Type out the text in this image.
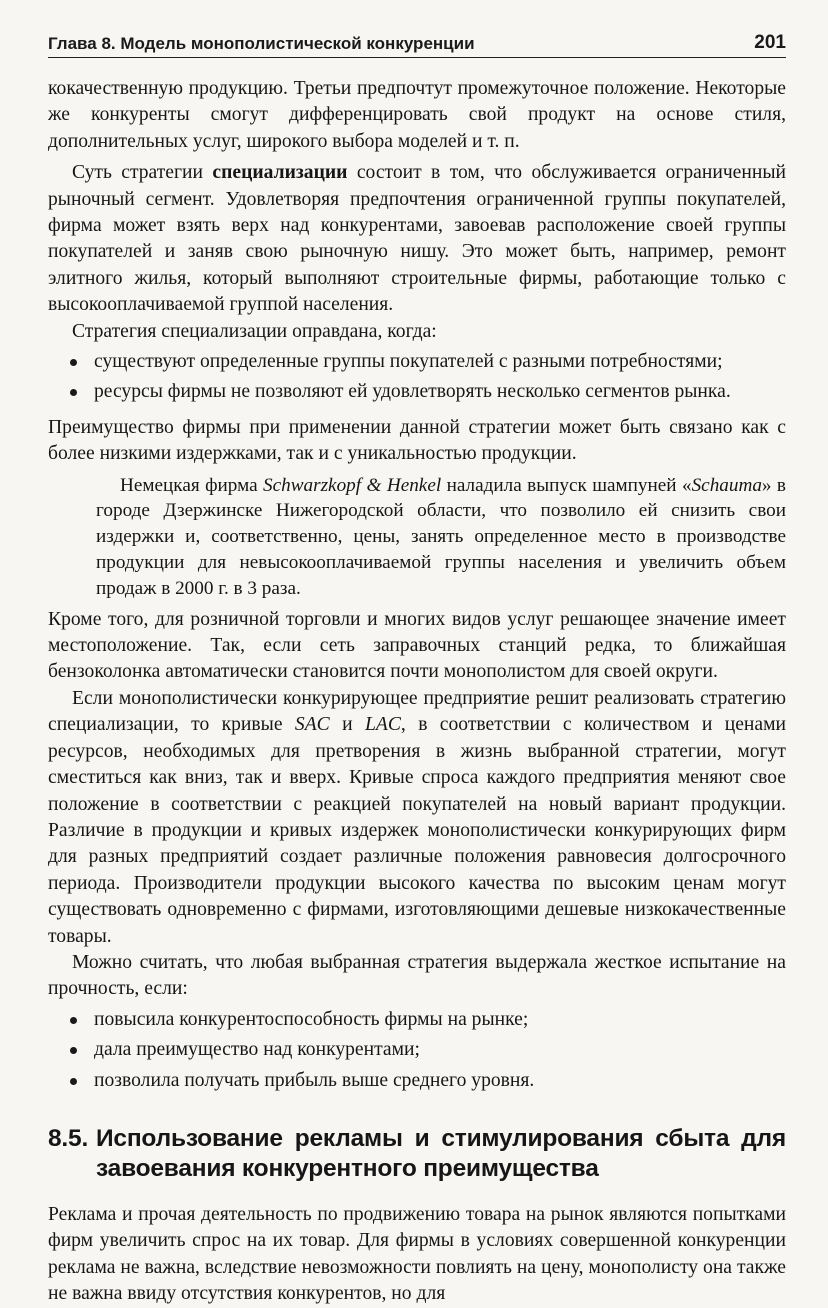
Глава 8. Модель монополистической конкуренции	201

кокачественную продукцию. Третьи предпочтут промежуточное положение. Некоторые же конкуренты смогут дифференцировать свой продукт на основе стиля, дополнительных услуг, широкого выбора моделей и т. п.

Суть стратегии специализации состоит в том, что обслуживается ограниченный рыночный сегмент. Удовлетворяя предпочтения ограниченной группы покупателей, фирма может взять верх над конкурентами, завоевав расположение своей группы покупателей и заняв свою рыночную нишу. Это может быть, например, ремонт элитного жилья, который выполняют строительные фирмы, работающие только с высокооплачиваемой группой населения.

Стратегия специализации оправдана, когда:

существуют определенные группы покупателей с разными потребностями;
ресурсы фирмы не позволяют ей удовлетворять несколько сегментов рынка.

Преимущество фирмы при применении данной стратегии может быть связано как с более низкими издержками, так и с уникальностью продукции.

Немецкая фирма Schwarzkopf & Henkel наладила выпуск шампуней «Schauma» в городе Дзержинске Нижегородской области, что позволило ей снизить свои издержки и, соответственно, цены, занять определенное место в производстве продукции для невысокооплачиваемой группы населения и увеличить объем продаж в 2000 г. в 3 раза.

Кроме того, для розничной торговли и многих видов услуг решающее значение имеет местоположение. Так, если сеть заправочных станций редка, то ближайшая бензоколонка автоматически становится почти монополистом для своей округи.

Если монополистически конкурирующее предприятие решит реализовать стратегию специализации, то кривые SAC и LAC, в соответствии с количеством и ценами ресурсов, необходимых для претворения в жизнь выбранной стратегии, могут сместиться как вниз, так и вверх. Кривые спроса каждого предприятия меняют свое положение в соответствии с реакцией покупателей на новый вариант продукции. Различие в продукции и кривых издержек монополистически конкурирующих фирм для разных предприятий создает различные положения равновесия долгосрочного периода. Производители продукции высокого качества по высоким ценам могут существовать одновременно с фирмами, изготовляющими дешевые низкокачественные товары.

Можно считать, что любая выбранная стратегия выдержала жесткое испытание на прочность, если:

повысила конкурентоспособность фирмы на рынке;
дала преимущество над конкурентами;
позволила получать прибыль выше среднего уровня.
8.5. Использование рекламы и стимулирования сбыта для завоевания конкурентного преимущества

Реклама и прочая деятельность по продвижению товара на рынок являются попытками фирм увеличить спрос на их товар. Для фирмы в условиях совершенной конкуренции реклама не важна, вследствие невозможности повлиять на цену, монополисту она также не важна ввиду отсутствия конкурентов, но для
